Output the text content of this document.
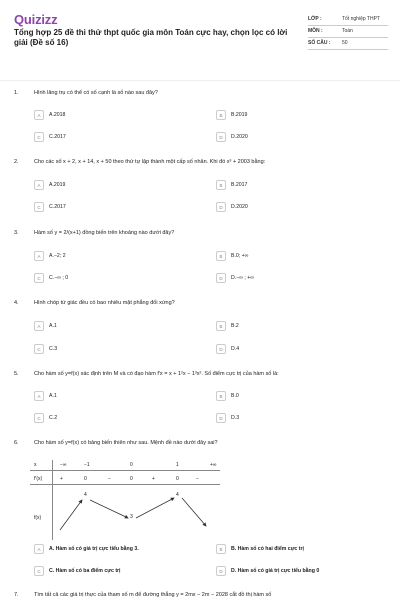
Quizizz
Tổng hợp 25 đề thi thử thpt quốc gia môn Toán cực hay, chọn lọc có lời giải (Đề số 16)
LỚP :	Tốt nghiệp THPT
MÔN :	Toán
SỐ CÂU :	50
1.	Hình lăng trụ có thể có số cạnh là số nào sau đây?
A	A.2018	B	B.2019
C	C.2017	D	D.2020
2.	Cho các số x + 2, x + 14, x + 50 theo thứ tự lập thành một cấp số nhân. Khi đó x³ + 2003 bằng:
A	A.2019	B	B.2017
C	C.2017	D	D.2020
3.	Hàm số y = 2/(x+1) đồng biến trên khoảng nào dưới đây?
A	A.−2; 2	B	B.0; +∞
C	C.−∞ ; 0	D	D.−∞ ; +∞
4.	Hình chóp tứ giác đều có bao nhiêu mặt phẳng đối xứng?
A	A.1	B	B.2
C	C.3	D	D.4
5.	Cho hàm số y=f(x) xác định trên M và có đạo hàm f'x = x + 1²x − 1³x². Số điểm cực trị của hàm số là:
A	A.1	B	B.0
C	C.2	D	D.3
6.	Cho hàm số y=f(x) có bảng biến thiên như sau. Mệnh đề nào dưới đây sai?
x	−∞	−1	0	1	+∞
f'(x)	+	0	−	0	+	0	−
f(x)
4
3
4
A	A. Hàm số có giá trị cực tiểu bằng 3.	B	B. Hàm số có hai điểm cực trị
C	C. Hàm số có ba điểm cực trị	D	D. Hàm số có giá trị cực tiểu bằng 0
7.	Tìm tất cả các giá trị thực của tham số m để đường thẳng y = 2mx − 2m − 2028 cắt đồ thị hàm số
